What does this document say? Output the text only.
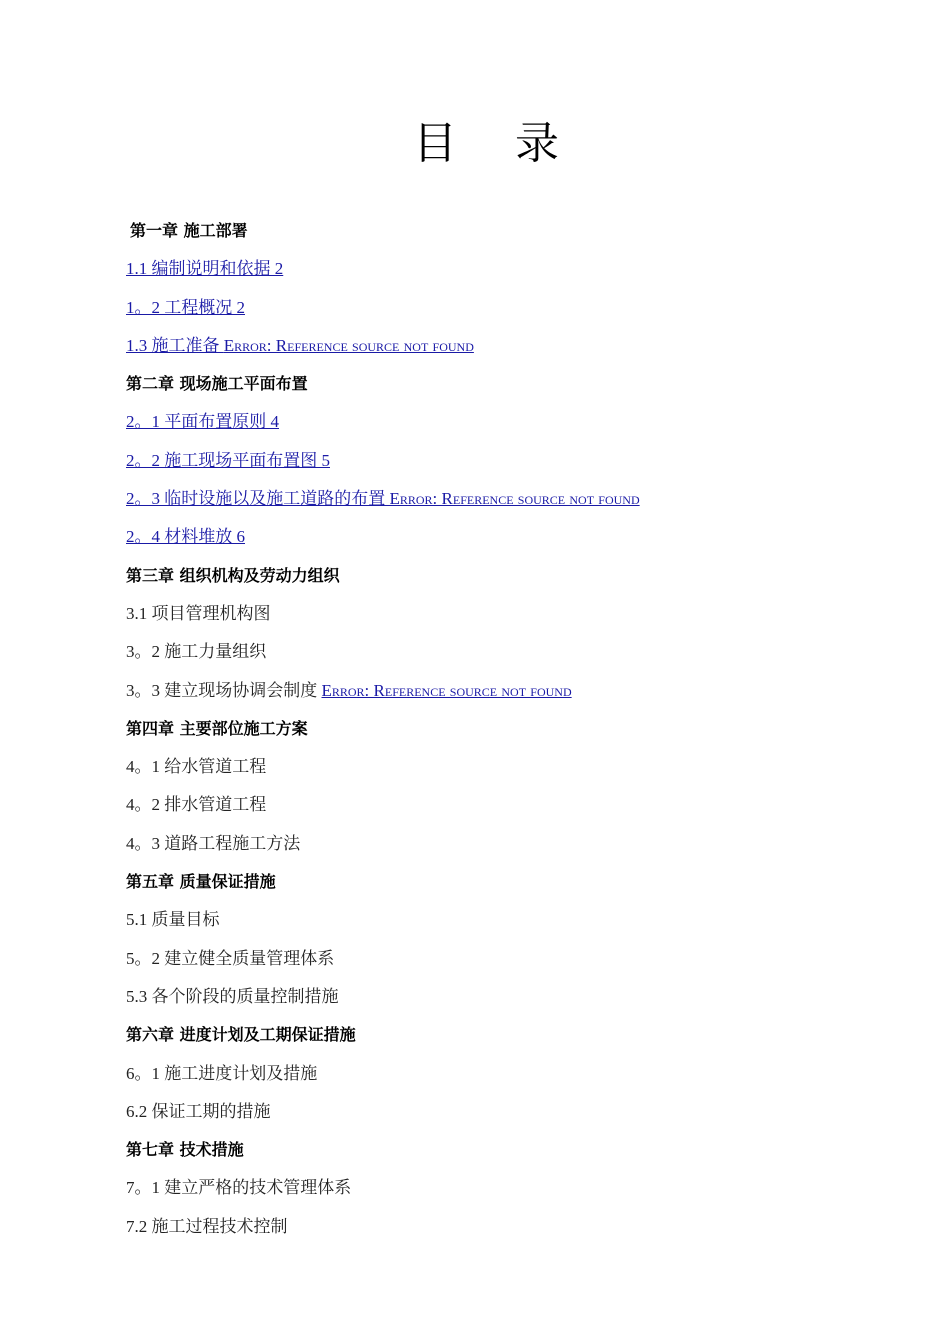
目 录
第一章 施工部署
1.1 编制说明和依据 2
1。2 工程概况 2
1.3 施工准备 Error: Reference source not found
第二章 现场施工平面布置
2。1 平面布置原则 4
2。2 施工现场平面布置图 5
2。3 临时设施以及施工道路的布置 Error: Reference source not found
2。4 材料堆放 6
第三章 组织机构及劳动力组织
3.1 项目管理机构图
3。2 施工力量组织
3。3 建立现场协调会制度 Error: Reference source not found
第四章 主要部位施工方案
4。1 给水管道工程
4。2 排水管道工程
4。3 道路工程施工方法
第五章 质量保证措施
5.1 质量目标
5。2 建立健全质量管理体系
5.3 各个阶段的质量控制措施
第六章 进度计划及工期保证措施
6。1 施工进度计划及措施
6.2 保证工期的措施
第七章 技术措施
7。1 建立严格的技术管理体系
7.2 施工过程技术控制
